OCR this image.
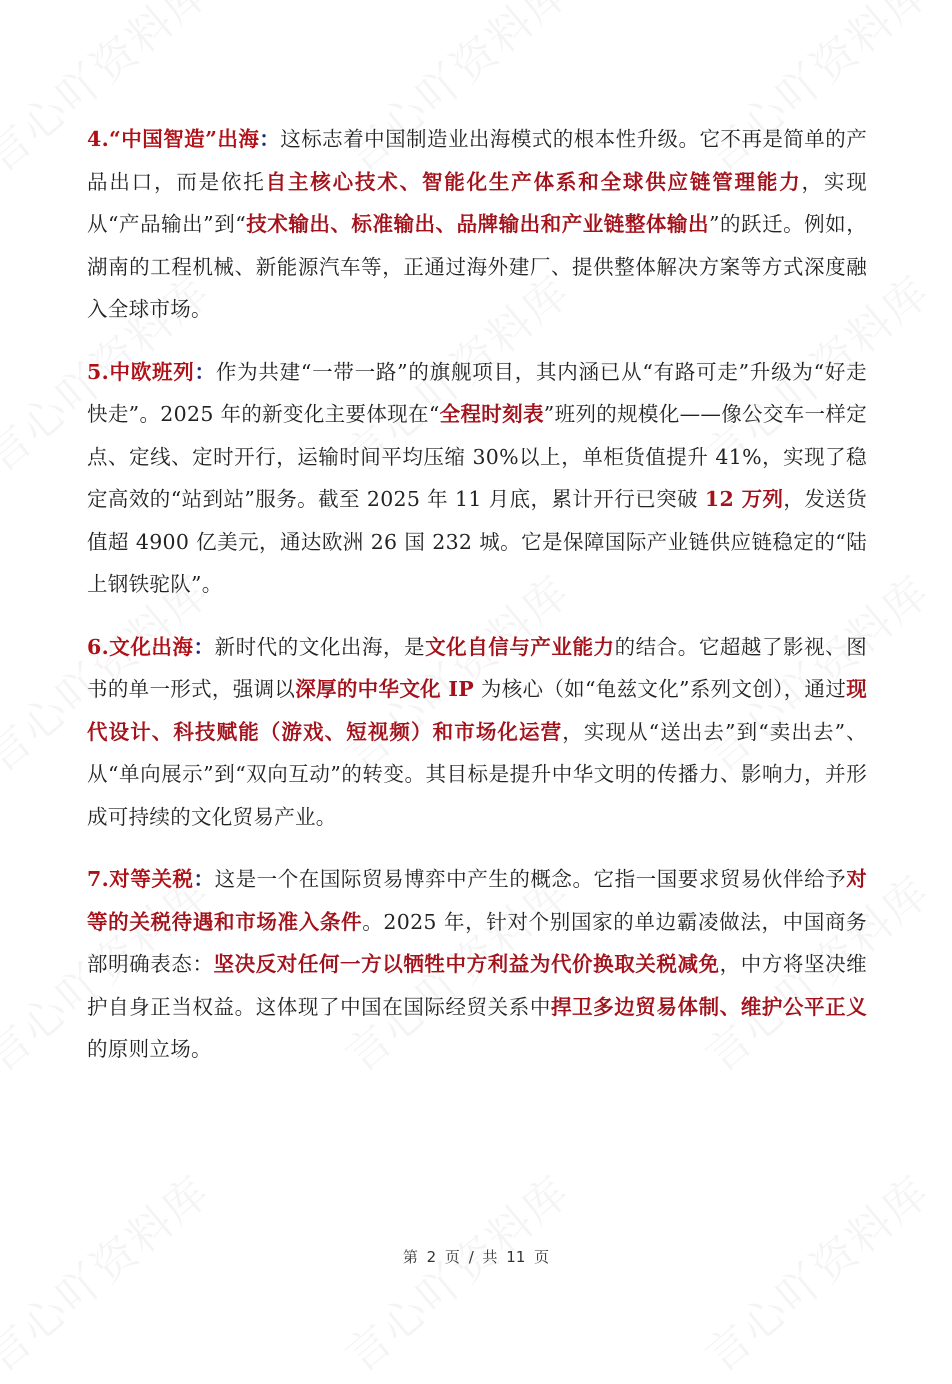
4.“中国智造”出海：这标志着中国制造业出海模式的根本性升级。它不再是简单的产品出口，而是依托自主核心技术、智能化生产体系和全球供应链管理能力，实现从“产品输出”到“技术输出、标准输出、品牌输出和产业链整体输出”的跃迁。例如，湖南的工程机械、新能源汽车等，正通过海外建厂、提供整体解决方案等方式深度融入全球市场。

5.中欧班列：作为共建“一带一路”的旗舰项目，其内涵已从“有路可走”升级为“好走快走”。2025 年的新变化主要体现在“全程时刻表”班列的规模化——像公交车一样定点、定线、定时开行，运输时间平均压缩 30%以上，单柜货值提升 41%，实现了稳定高效的“站到站”服务。截至 2025 年 11 月底，累计开行已突破 12 万列，发送货值超 4900 亿美元，通达欧洲 26 国 232 城。它是保障国际产业链供应链稳定的“陆上钢铁驼队”。

6.文化出海：新时代的文化出海，是文化自信与产业能力的结合。它超越了影视、图书的单一形式，强调以深厚的中华文化 IP 为核心（如“龟兹文化”系列文创），通过现代设计、科技赋能（游戏、短视频）和市场化运营，实现从“送出去”到“卖出去”、从“单向展示”到“双向互动”的转变。其目标是提升中华文明的传播力、影响力，并形成可持续的文化贸易产业。

7.对等关税：这是一个在国际贸易博弈中产生的概念。它指一国要求贸易伙伴给予对等的关税待遇和市场准入条件。2025 年，针对个别国家的单边霸凌做法，中国商务部明确表态：坚决反对任何一方以牺牲中方利益为代价换取关税减免，中方将坚决维护自身正当权益。这体现了中国在国际经贸关系中捍卫多边贸易体制、维护公平正义的原则立场。

第 2 页 / 共 11 页
